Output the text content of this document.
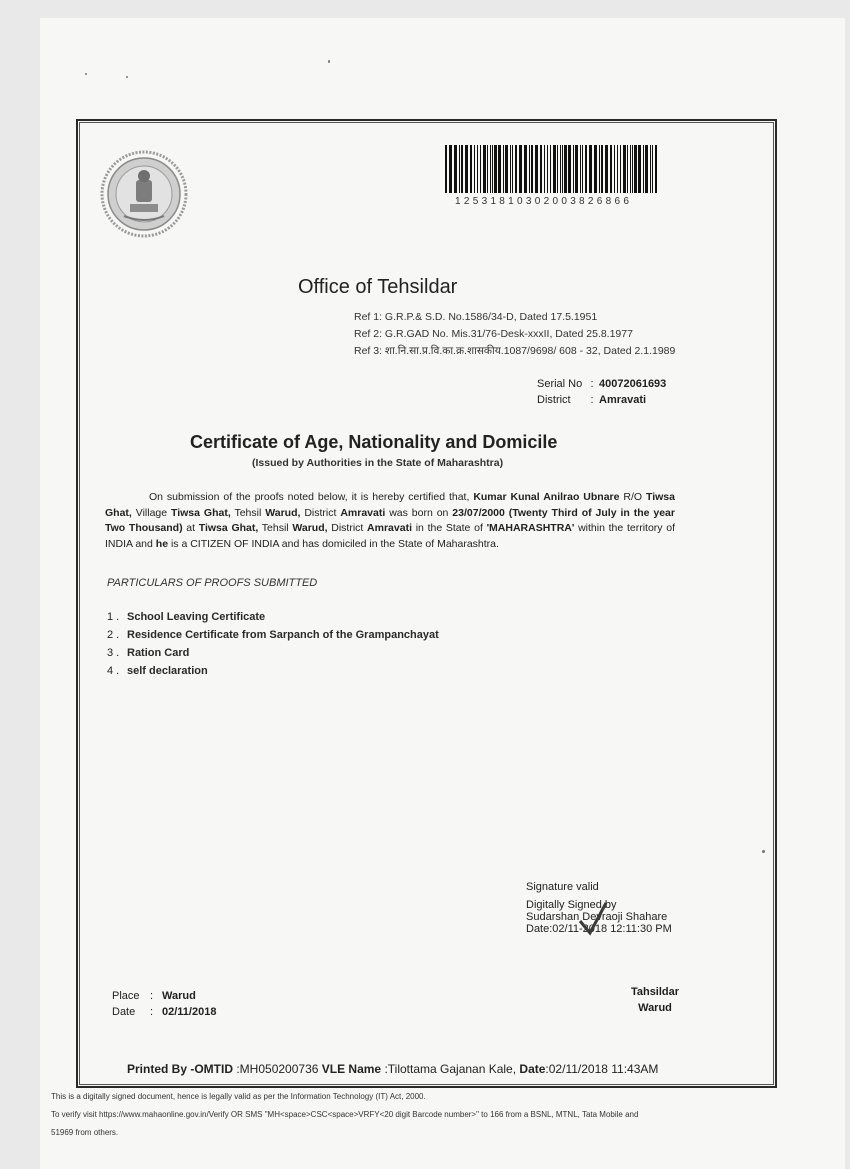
12531810302003826866
Office of Tehsildar
Ref 1: G.R.P.& S.D. No.1586/34-D, Dated 17.5.1951
Ref 2: G.R.GAD No. Mis.31/76-Desk-xxxII, Dated 25.8.1977
Ref 3: शा.नि.सा.प्र.वि.का.क्र.शासकीय.1087/9698/ 608 - 32, Dated 2.1.1989
Serial No : 40072061693
District : Amravati
Certificate of Age, Nationality and Domicile
(Issued by Authorities in the State of Maharashtra)
On submission of the proofs noted below, it is hereby certified that, Kumar Kunal Anilrao Ubnare R/O Tiwsa Ghat, Village Tiwsa Ghat, Tehsil Warud, District Amravati was born on 23/07/2000 (Twenty Third of July in the year Two Thousand) at Tiwsa Ghat, Tehsil Warud, District Amravati in the State of 'MAHARASHTRA' within the territory of INDIA and he is a CITIZEN OF INDIA and has domiciled in the State of Maharashtra.
PARTICULARS OF PROOFS SUBMITTED
1 . School Leaving Certificate
2 . Residence Certificate from Sarpanch of the Grampanchayat
3 . Ration Card
4 . self declaration
Signature valid
Digitally Signed by
Sudarshan Devraoji Shahare
Date:02/11-2018 12:11:30 PM
Place : Warud
Date : 02/11/2018
Tahsildar
Warud
Printed By -OMTID :MH050200736 VLE Name :Tilottama Gajanan Kale, Date:02/11/2018 11:43AM
This is a digitally signed document, hence is legally valid as per the Information Technology (IT) Act, 2000.
To verify visit https://www.mahaonline.gov.in/Verify OR SMS "MH<space>CSC<space>VRFY<20 digit Barcode number>" to 166 from a BSNL, MTNL, Tata Mobile and
51969 from others.
